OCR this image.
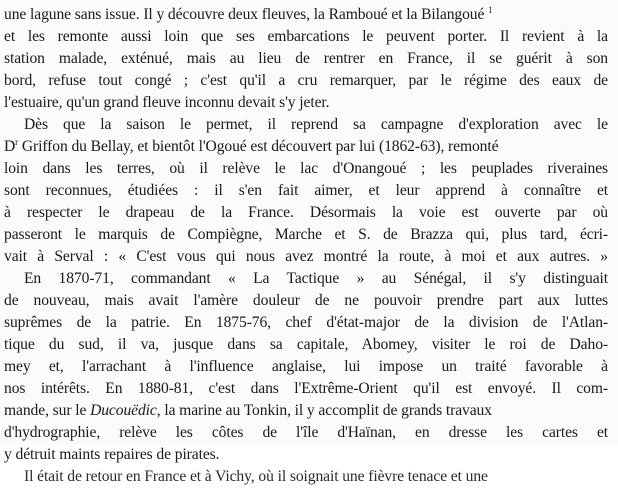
une lagune sans issue. Il y découvre deux fleuves, la Ramboué et la Bilangoué $^1$
et les remonte aussi loin que ses embarcations le peuvent porter. Il revient à la
station malade, exténué, mais au lieu de rentrer en France, il se guérit à son
bord, refuse tout congé ; c'est qu'il a cru remarquer, par le régime des eaux de
l'estuaire, qu'un grand fleuve inconnu devait s'y jeter.
Dès que la saison le permet, il reprend sa campagne d'exploration avec le
$D^r$ Griffon du Bellay, et bientôt l'Ogoué est découvert par lui (1862-63), remonté
loin dans les terres, où il relève le lac d'Onangoué ; les peuplades riveraines
sont reconnues, étudiées : il s'en fait aimer, et leur apprend à connaître et
à respecter le drapeau de la France. Désormais la voie est ouverte par où
passeront le marquis de Compiègne, Marche et S. de Brazza qui, plus tard, écri-
vait à Serval : « C'est vous qui nous avez montré la route, à moi et aux autres. »
En 1870-71, commandant « La Tactique » au Sénégal, il s'y distinguait
de nouveau, mais avait l'amère douleur de ne pouvoir prendre part aux luttes
suprêmes de la patrie. En 1875-76, chef d'état-major de la division de l'Atlan-
tique du sud, il va, jusque dans sa capitale, Abomey, visiter le roi de Daho-
mey et, l'arrachant à l'influence anglaise, lui impose un traité favorable à
nos intérêts. En 1880-81, c'est dans l'Extrême-Orient qu'il est envoyé. Il com-
mande, sur le Ducouëdic, la marine au Tonkin, il y accomplit de grands travaux
d'hydrographie, relève les côtes de l'île d'Haïnan, en dresse les cartes et
y détruit maints repaires de pirates.
Il était de retour en France et à Vichy, où il soignait une fièvre tenace et une
